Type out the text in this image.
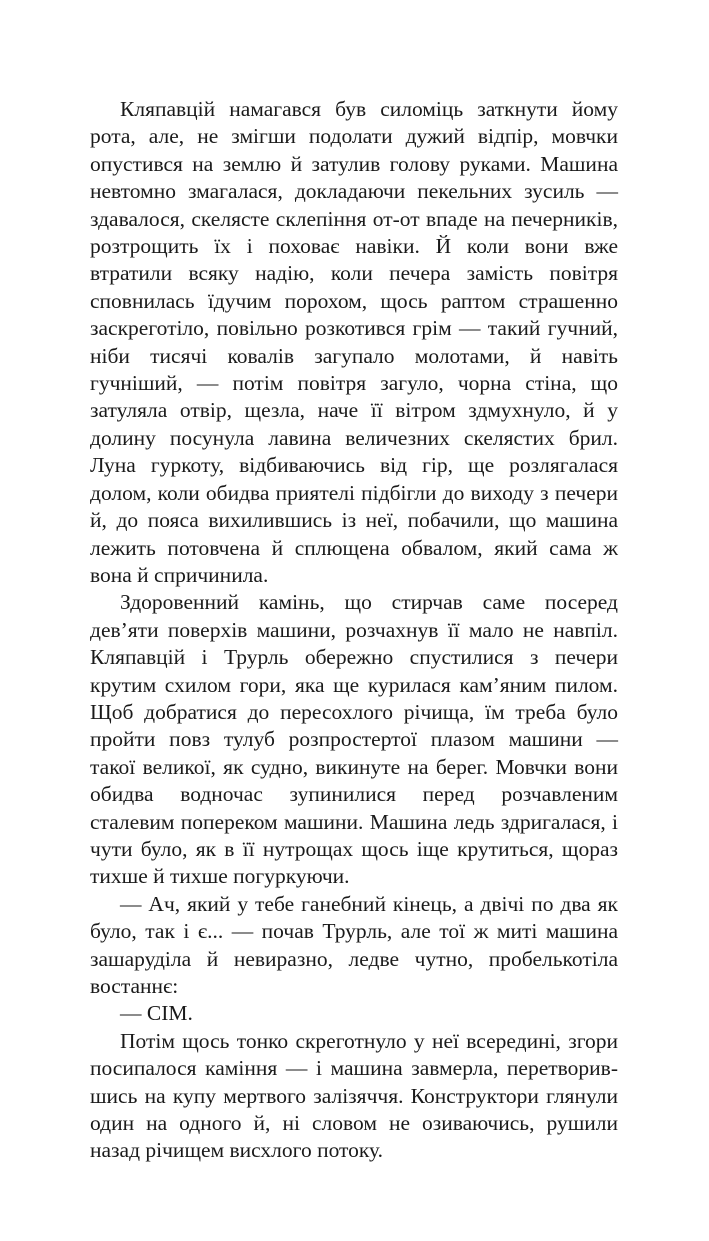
Кляпавцій намагався був силоміць заткнути йому рота, але, не змігши подолати дужий відпір, мовчки опустився на землю й затулив голову руками. Машина невтомно змагалася, докладаючи пекельних зусиль — здавалося, скелясте склепіння от-от впаде на печерників, розтрощить їх і поховає навіки. Й коли вони вже втратили всяку надію, коли печера замість повітря сповнилась їдучим порохом, щось раптом страшенно заскреготіло, повільно розкотився грім — такий гучний, ніби тисячі ковалів загупало молотами, й навіть гучніший, — потім повітря загуло, чорна стіна, що затуляла отвір, щезла, наче її вітром здмухнуло, й у долину посунула лавина величезних скелястих брил. Луна гуркоту, відбиваючись від гір, ще розлягалася долом, коли обидва приятелі підбігли до виходу з печери й, до пояса вихилившись із неї, побачили, що машина лежить потовчена й сплющена обвалом, який сама ж вона й спричинила.

Здоровенний камінь, що стирчав саме посеред дев’яти поверхів машини, розчахнув її мало не навпіл. Кляпавцій і Трурль обережно спустилися з печери крутим схилом гори, яка ще курилася кам’яним пилом. Щоб добратися до пересохлого річища, їм треба було пройти повз тулуб розпростертої плазом машини — такої великої, як судно, викинуте на берег. Мовчки вони обидва водночас зупинилися перед розчавленим сталевим попереком машини. Машина ледь здригалася, і чути було, як в її нутрощах щось іще крутиться, щораз тихше й тихше погуркуючи.

— Ач, який у тебе ганебний кінець, а двічі по два як було, так і є... — почав Трурль, але тої ж миті машина зашаруділа й невиразно, ледве чутно, пробелькотіла востаннє:

— СІМ.

Потім щось тонко скреготнуло у неї всередині, згори посипалося каміння — і машина завмерла, перетворившись на купу мертвого залізяччя. Конструктори глянули один на одного й, ні словом не озиваючись, рушили назад річищем висхлого потоку.
